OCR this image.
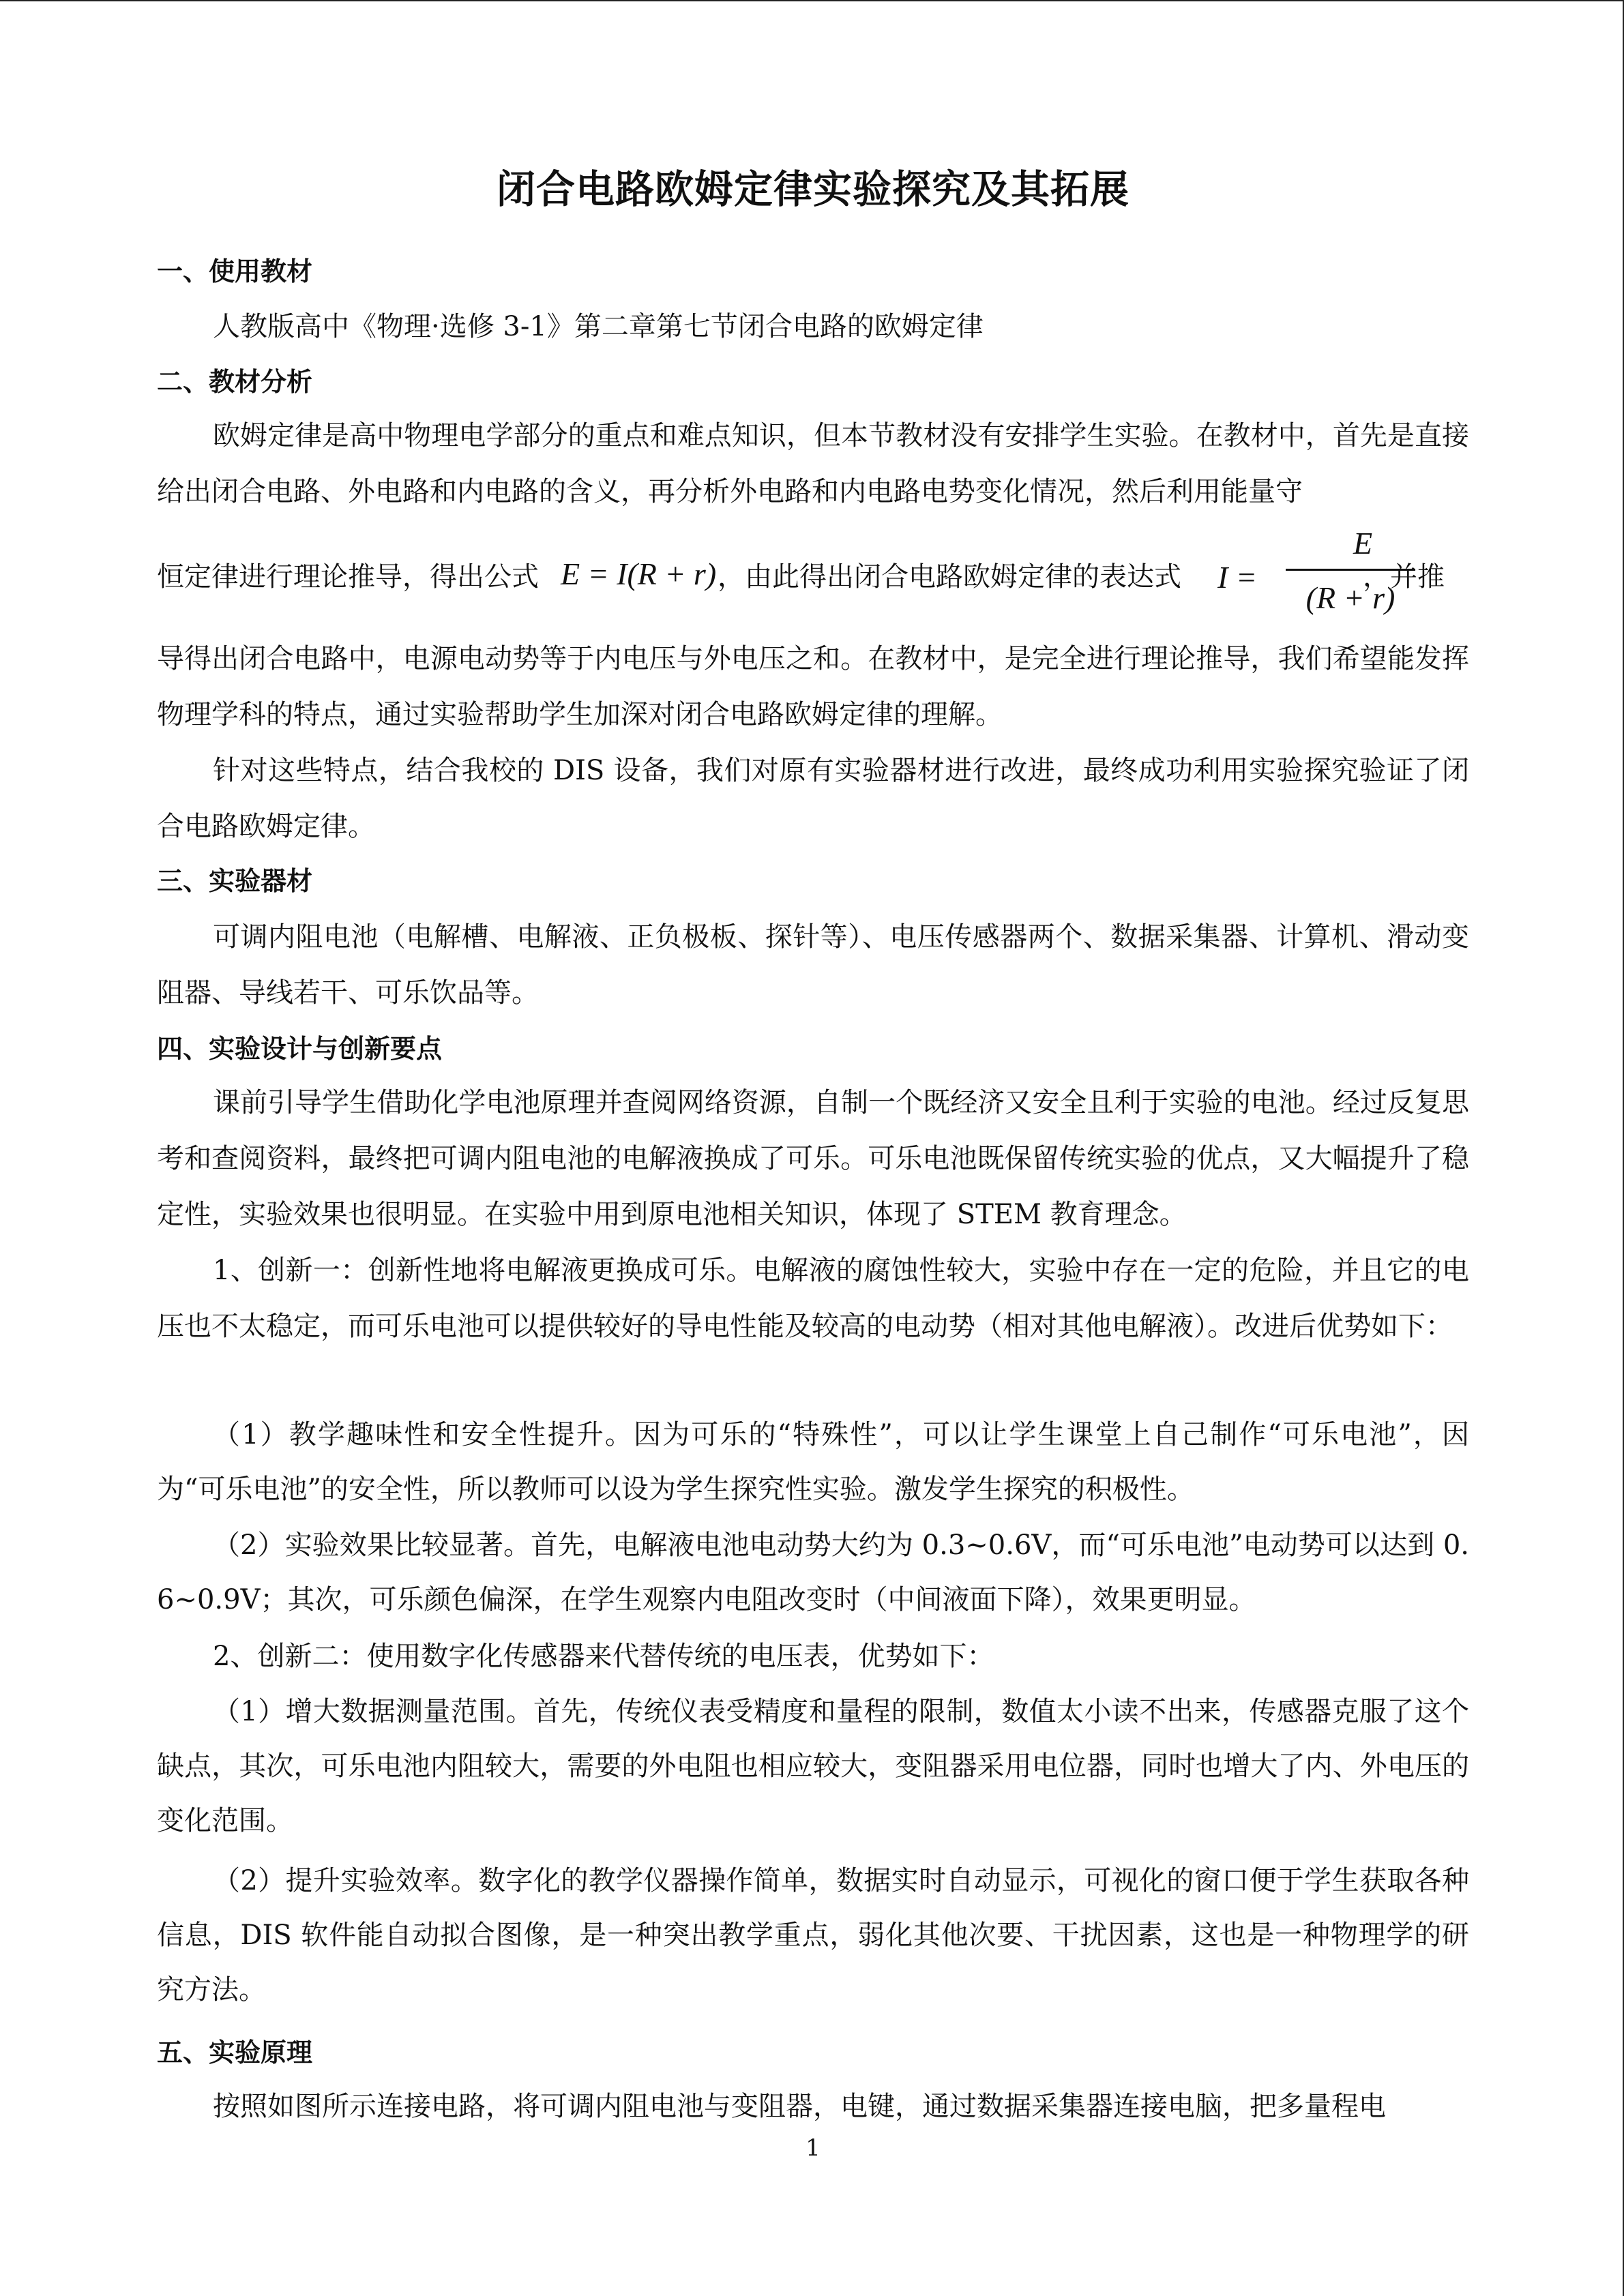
闭合电路欧姆定律实验探究及其拓展
一、使用教材

人教版高中《物理·选修 3-1》第二章第七节闭合电路的欧姆定律

二、教材分析

欧姆定律是高中物理电学部分的重点和难点知识，但本节教材没有安排学生实验。在教材中，首先是直接给出闭合电路、外电路和内电路的含义，再分析外电路和内电路电势变化情况，然后利用能量守

恒定律进行理论推导，得出公式 E = I(R + r) ，由此得出闭合电路欧姆定律的表达式 I =
E
(R + r)
，并推

导得出闭合电路中，电源电动势等于内电压与外电压之和。在教材中，是完全进行理论推导，我们希望能发挥物理学科的特点，通过实验帮助学生加深对闭合电路欧姆定律的理解。

针对这些特点，结合我校的 DIS 设备，我们对原有实验器材进行改进，最终成功利用实验探究验证了闭合电路欧姆定律。

三、实验器材

可调内阻电池（电解槽、电解液、正负极板、探针等）、电压传感器两个、数据采集器、计算机、滑动变阻器、导线若干、可乐饮品等。

四、实验设计与创新要点

课前引导学生借助化学电池原理并查阅网络资源，自制一个既经济又安全且利于实验的电池。经过反复思考和查阅资料，最终把可调内阻电池的电解液换成了可乐。可乐电池既保留传统实验的优点，又大幅提升了稳定性，实验效果也很明显。在实验中用到原电池相关知识，体现了 STEM 教育理念。

1、创新一：创新性地将电解液更换成可乐。电解液的腐蚀性较大，实验中存在一定的危险，并且它的电压也不太稳定，而可乐电池可以提供较好的导电性能及较高的电动势（相对其他电解液）。改进后优势如下：

（1）教学趣味性和安全性提升。因为可乐的“特殊性”，可以让学生课堂上自己制作“可乐电池”，因为“可乐电池”的安全性，所以教师可以设为学生探究性实验。激发学生探究的积极性。

（2）实验效果比较显著。首先，电解液电池电动势大约为 0.3~0.6V，而“可乐电池”电动势可以达到 0.6~0.9V；其次，可乐颜色偏深，在学生观察内电阻改变时（中间液面下降），效果更明显。

2、创新二：使用数字化传感器来代替传统的电压表，优势如下：

（1）增大数据测量范围。首先，传统仪表受精度和量程的限制，数值太小读不出来，传感器克服了这个缺点，其次，可乐电池内阻较大，需要的外电阻也相应较大，变阻器采用电位器，同时也增大了内、外电压的变化范围。

（2）提升实验效率。数字化的教学仪器操作简单，数据实时自动显示，可视化的窗口便于学生获取各种信息，DIS 软件能自动拟合图像，是一种突出教学重点，弱化其他次要、干扰因素，这也是一种物理学的研究方法。

五、实验原理

按照如图所示连接电路，将可调内阻电池与变阻器，电键，通过数据采集器连接电脑，把多量程电

1
